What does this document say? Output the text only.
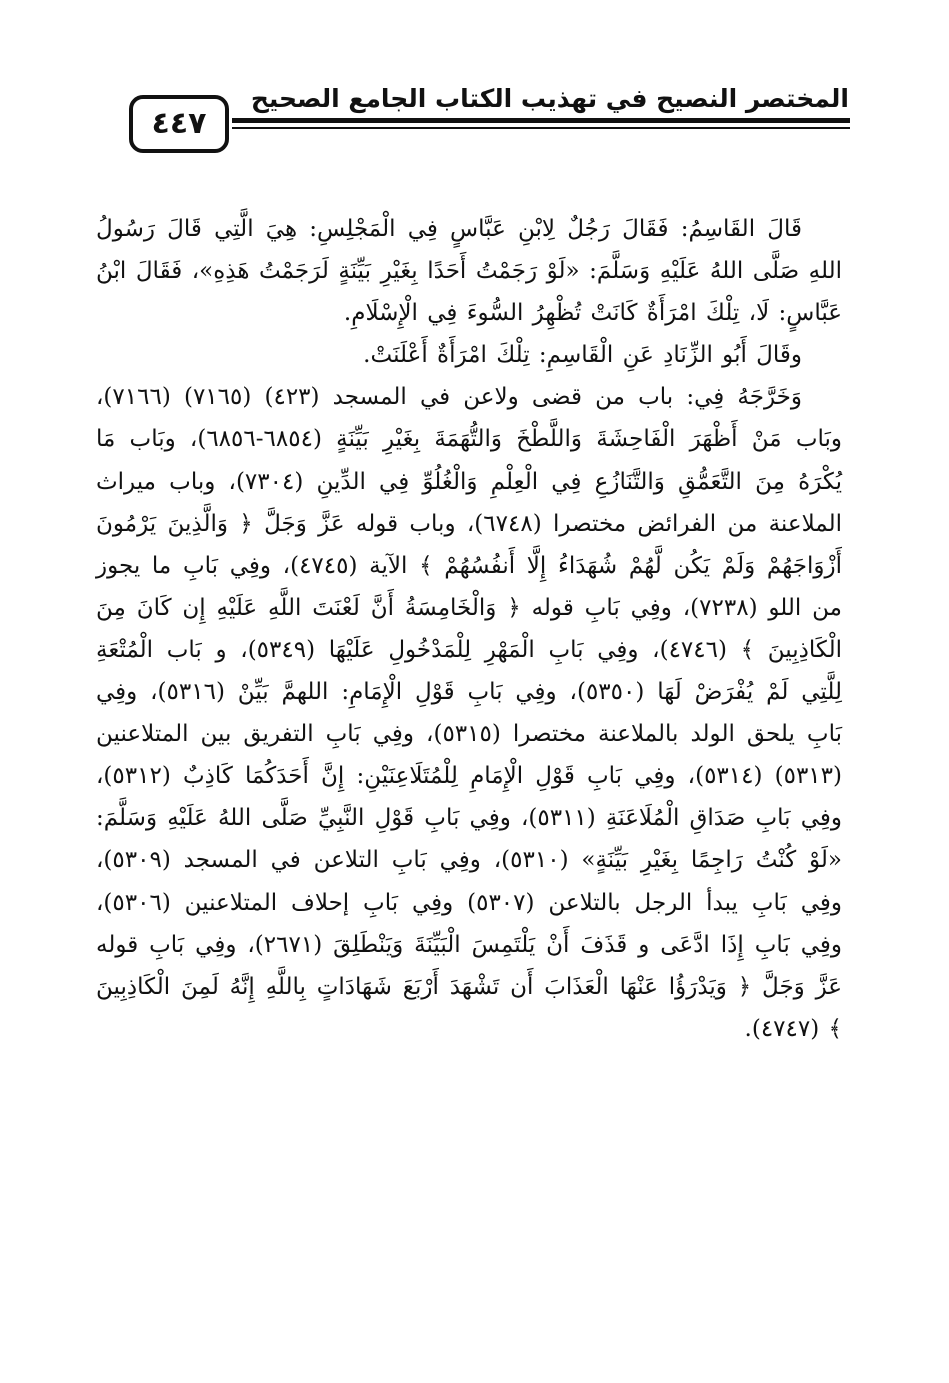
٤٤٧
المختصر النصيح في تهذيب الكتاب الجامع الصحيح

قَالَ القَاسِمُ: فَقَالَ رَجُلٌ لِابْنِ عَبَّاسٍ فِي الْمَجْلِسِ: هِيَ الَّتِي قَالَ رَسُولُ اللهِ صَلَّى اللهُ عَلَيْهِ وَسَلَّمَ: «لَوْ رَجَمْتُ أَحَدًا بِغَيْرِ بَيِّنَةٍ لَرَجَمْتُ هَذِهِ»، فَقَالَ ابْنُ عَبَّاسٍ: لَا، تِلْكَ امْرَأَةٌ كَانَتْ تُظْهِرُ السُّوءَ فِي الْإِسْلَامِ.

وقَالَ أَبُو الزِّنَادِ عَنِ الْقَاسِمِ: تِلْكَ امْرَأَةٌ أَعْلَنَتْ.

وَخَرَّجَهُ فِي: باب من قضى ولاعن في المسجد (٤٢٣) (٧١٦٥) (٧١٦٦)، وبَاب مَنْ أَظْهَرَ الْفَاحِشَةَ وَاللَّطْخَ وَالتُّهَمَةَ بِغَيْرِ بَيِّنَةٍ (٦٨٥٤-٦٨٥٦)، وبَاب مَا يُكْرَهُ مِنَ التَّعَمُّقِ وَالتَّنَازُعِ فِي الْعِلْمِ وَالْغُلُوِّ فِي الدِّينِ (٧٣٠٤)، وباب ميراث الملاعنة من الفرائض مختصرا (٦٧٤٨)، وباب قوله عَزَّ وَجَلَّ ﴿ وَالَّذِينَ يَرْمُونَ أَزْوَاجَهُمْ وَلَمْ يَكُن لَّهُمْ شُهَدَاءُ إِلَّا أَنفُسُهُمْ ﴾ الآية (٤٧٤٥)، وفِي بَابِ ما يجوز من اللو (٧٢٣٨)، وفِي بَابِ قوله ﴿ وَالْخَامِسَةُ أَنَّ لَعْنَتَ اللَّهِ عَلَيْهِ إِن كَانَ مِنَ الْكَاذِبِينَ ﴾ (٤٧٤٦)، وفِي بَابِ الْمَهْرِ لِلْمَدْخُولِ عَلَيْهَا (٥٣٤٩)، و بَاب الْمُتْعَةِ لِلَّتِي لَمْ يُفْرَضْ لَهَا (٥٣٥٠)، وفِي بَابِ قَوْلِ الْإِمَامِ: اللهمَّ بَيِّنْ (٥٣١٦)، وفِي بَابِ يلحق الولد بالملاعنة مختصرا (٥٣١٥)، وفِي بَابِ التفريق بين المتلاعنين (٥٣١٣) (٥٣١٤)، وفِي بَابِ قَوْلِ الْإِمَامِ لِلْمُتَلَاعِنَيْنِ: إِنَّ أَحَدَكُمَا كَاذِبٌ (٥٣١٢)، وفِي بَابِ صَدَاقِ الْمُلَاعَنَةِ (٥٣١١)، وفِي بَابِ قَوْلِ النَّبِيِّ صَلَّى اللهُ عَلَيْهِ وَسَلَّمَ: «لَوْ كُنْتُ رَاجِمًا بِغَيْرِ بَيِّنَةٍ» (٥٣١٠)، وفِي بَابِ التلاعن في المسجد (٥٣٠٩)، وفِي بَابِ يبدأ الرجل بالتلاعن (٥٣٠٧) وفِي بَابِ إحلاف المتلاعنين (٥٣٠٦)، وفِي بَابِ إِذَا ادَّعَى و قَذَفَ أَنْ يَلْتَمِسَ الْبَيِّنَةَ وَيَنْطَلِقَ (٢٦٧١)، وفِي بَابِ قوله عَزَّ وَجَلَّ ﴿ وَيَدْرَؤُا عَنْهَا الْعَذَابَ أَن تَشْهَدَ أَرْبَعَ شَهَادَاتٍ بِاللَّهِ إِنَّهُ لَمِنَ الْكَاذِبِينَ ﴾ (٤٧٤٧).
